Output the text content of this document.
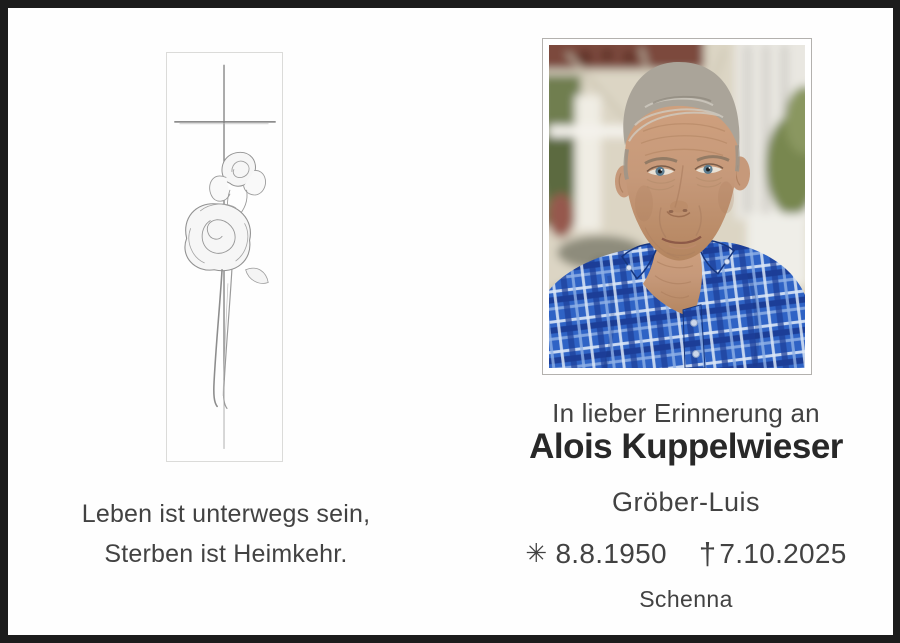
Leben ist unterwegs sein,
Sterben ist Heimkehr.
In lieber Erinnerung an
Alois Kuppelwieser
Gröber-Luis
✳ 8.8.1950 † 7.10.2025
Schenna
